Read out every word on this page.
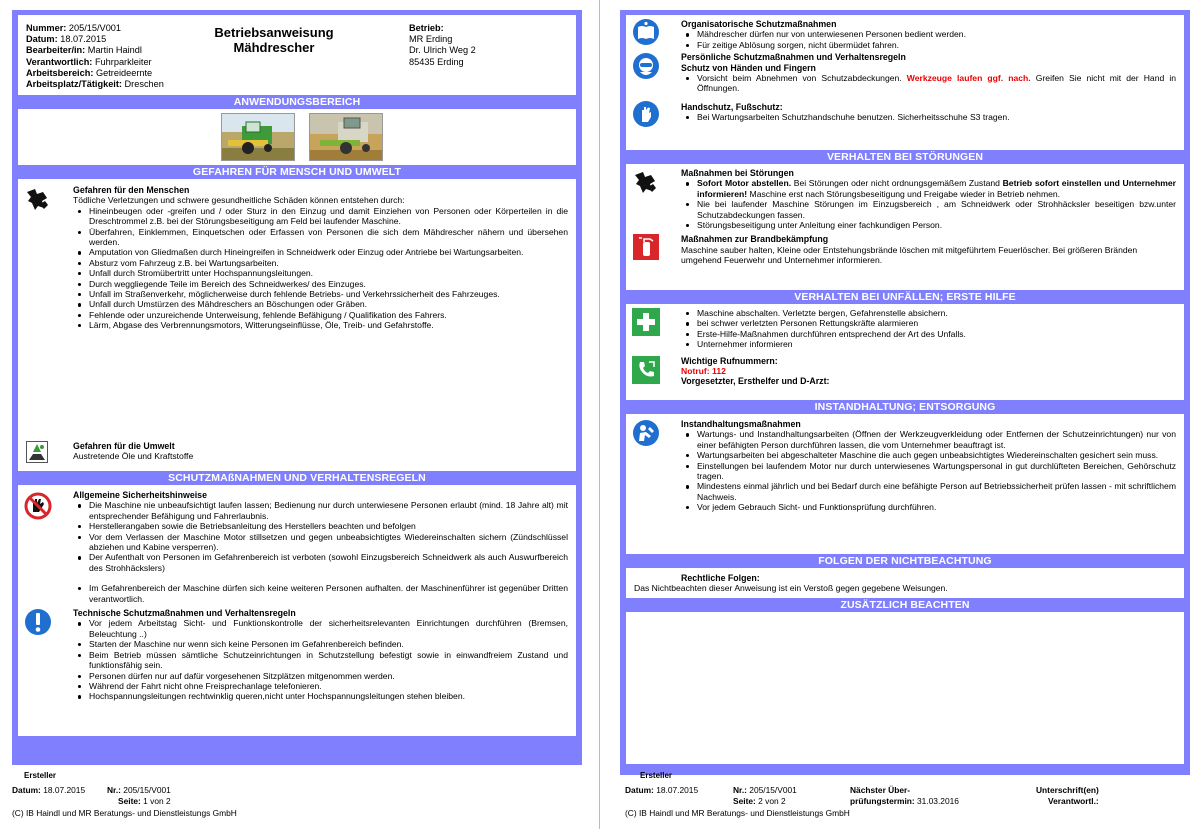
Nummer: 205/15/V001
Datum: 18.07.2015
Bearbeiter/in: Martin Haindl
Verantwortlich: Fuhrparkleiter
Arbeitsbereich: Getreideernte
Arbeitsplatz/Tätigkeit: Dreschen
Betriebsanweisung
Mähdrescher
Betrieb:
MR Erding
Dr. Ulrich Weg 2
85435 Erding
ANWENDUNGSBEREICH
GEFAHREN FÜR MENSCH UND UMWELT
Gefahren für den Menschen
Tödliche Verletzungen und schwere gesundheitliche Schäden können entstehen durch:
Hineinbeugen oder -greifen und / oder Sturz in den Einzug und damit Einziehen von Personen oder Körperteilen in die Dreschtrommel z.B. bei der Störungsbeseitigung am Feld bei laufender Maschine.
Überfahren, Einklemmen, Einquetschen oder Erfassen von Personen die sich dem Mähdrescher nähern und übersehen werden.
Amputation von Gliedmaßen durch Hineingreifen in Schneidwerk oder Einzug oder Antriebe bei Wartungsarbeiten.
Absturz vom Fahrzeug z.B. bei Wartungsarbeiten.
Unfall durch Stromübertritt unter Hochspannungsleitungen.
Durch weggliegende Teile im Bereich des Schneidwerkes/ des Einzuges.
Unfall im Straßenverkehr, möglicherweise durch fehlende Betriebs- und Verkehrssicherheit des Fahrzeuges.
Unfall durch Umstürzen des Mähdreschers an Böschungen oder Gräben.
Fehlende oder unzureichende Unterweisung, fehlende Befähigung / Qualifikation des Fahrers.
Lärm, Abgase des Verbrennungsmotors, Witterungseinflüsse, Öle, Treib- und Gefahrstoffe.
Gefahren für die Umwelt
Austretende Öle und Kraftstoffe
SCHUTZMAßNAHMEN UND VERHALTENSREGELN
Allgemeine Sicherheitshinweise
Die Maschine nie unbeaufsichtigt laufen lassen; Bedienung nur durch unterwiesene Personen erlaubt (mind. 18 Jahre alt) mit entsprechender Befähigung und Fahrerlaubnis.
Herstellerangaben sowie die Betriebsanleitung des Herstellers beachten und befolgen
Vor dem Verlassen der Maschine Motor stillsetzen und gegen unbeabsichtigtes Wiedereinschalten sichern (Zündschlüssel abziehen und Kabine versperren).
Der Aufenthalt von Personen im Gefahrenbereich ist verboten (sowohl Einzugsbereich Schneidwerk als auch Auswurfbereich des Strohhäckslers)
Im Gefahrenbereich der Maschine dürfen sich keine weiteren Personen aufhalten. der Maschinenführer ist gegenüber Dritten verantwortlich.
Technische Schutzmaßnahmen und Verhaltensregeln
Vor jedem Arbeitstag Sicht- und Funktionskontrolle der sicherheitsrelevanten Einrichtungen durchführen (Bremsen, Beleuchtung ..)
Starten der Maschine nur wenn sich keine Personen im Gefahrenbereich befinden.
Beim Betrieb müssen sämtliche Schutzeinrichtungen in Schutzstellung befestigt sowie in einwandfreiem Zustand und funktionsfähig sein.
Personen dürfen nur auf dafür vorgesehenen Sitzplätzen mitgenommen werden.
Während der Fahrt nicht ohne Freisprechanlage telefonieren.
Hochspannungsleitungen rechtwinklig queren,nicht unter Hochspannungsleitungen stehen bleiben.
Ersteller
Datum: 18.07.2015	Nr.: 205/15/V001
Seite: 1 von 2
(C) IB Haindl und MR Beratungs- und Dienstleistungs GmbH
Organisatorische Schutzmaßnahmen
Mähdrescher dürfen nur von unterwiesenen Personen bedient werden.
Für zeitige Ablösung sorgen, nicht übermüdet fahren.
Persönliche Schutzmaßnahmen und Verhaltensregeln
Schutz von Händen und Fingern
Vorsicht beim Abnehmen von Schutzabdeckungen. Werkzeuge laufen ggf. nach. Greifen Sie nicht mit der Hand in Öffnungen.
Handschutz, Fußschutz:
Bei Wartungsarbeiten Schutzhandschuhe benutzen. Sicherheitsschuhe S3 tragen.
VERHALTEN BEI STÖRUNGEN
Maßnahmen bei Störungen
Sofort Motor abstellen. Bei Störungen oder nicht ordnungsgemäßem Zustand Betrieb sofort einstellen und Unternehmer informieren! Maschine erst nach Störungsbeseitigung und Freigabe wieder in Betrieb nehmen.
Nie bei laufender Maschine Störungen im Einzugsbereich , am Schneidwerk oder Strohhäcksler beseitigen bzw.unter Schutzabdeckungen fassen.
Störungsbeseitigung unter Anleitung einer fachkundigen Person.
Maßnahmen zur Brandbekämpfung
Maschine sauber halten, Kleine oder Entstehungsbrände löschen mit mitgeführtem Feuerlöscher. Bei größeren Bränden umgehend Feuerwehr und Unternehmer informieren.
VERHALTEN BEI UNFÄLLEN; ERSTE HILFE
Maschine abschalten. Verletzte bergen, Gefahrenstelle absichern.
bei schwer verletzten Personen Rettungskräfte alarmieren
Erste-Hilfe-Maßnahmen durchführen entsprechend der Art des Unfalls.
Unternehmer informieren
Wichtige Rufnummern:
Notruf: 112
Vorgesetzter, Ersthelfer und D-Arzt:
INSTANDHALTUNG; ENTSORGUNG
Instandhaltungsmaßnahmen
Wartungs- und Instandhaltungsarbeiten (Öffnen der Werkzeugverkleidung oder Entfernen der Schutzeinrichtungen) nur von einer befähigten Person durchführen lassen, die vom Unternehmer beauftragt ist.
Wartungsarbeiten bei abgeschalteter Maschine die auch gegen unbeabsichtigtes Wiedereinschalten gesichert sein muss.
Einstellungen bei laufendem Motor nur durch unterwiesenes Wartungspersonal in gut durchlüfteten Bereichen, Gehörschutz tragen.
Mindestens einmal jährlich und bei Bedarf durch eine befähigte Person auf Betriebssicherheit prüfen lassen - mit schriftlichem Nachweis.
Vor jedem Gebrauch Sicht- und Funktionsprüfung durchführen.
FOLGEN DER NICHTBEACHTUNG
Rechtliche Folgen:
Das Nichtbeachten dieser Anweisung ist ein Verstoß gegen gegebene Weisungen.
ZUSÄTZLICH BEACHTEN
Ersteller
Datum: 18.07.2015	Nr.: 205/15/V001
Seite: 2 von 2
Nächster Über-
prüfungstermin: 31.03.2016
Unterschrift(en)
Verantwortl.:
(C) IB Haindl und MR Beratungs- und Dienstleistungs GmbH
